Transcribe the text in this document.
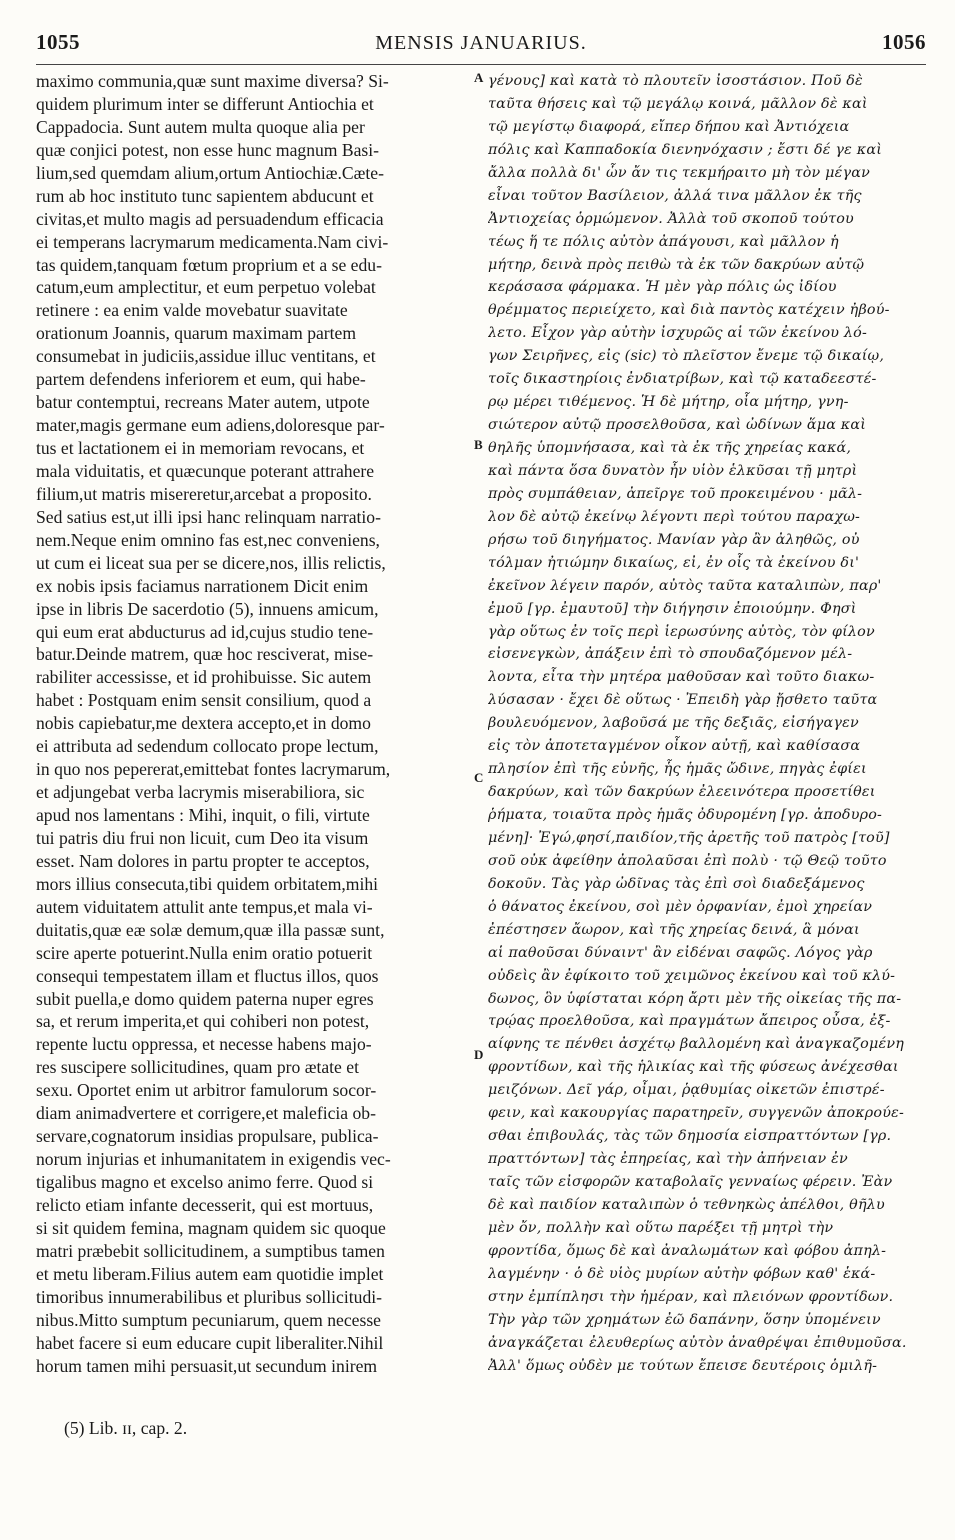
1055	MENSIS JANUARIUS.	1056
maximo communia,quæ sunt maxime diversa? Si-
quidem plurimum inter se differunt Antiochia et
Cappadocia. Sunt autem multa quoque alia per
quæ conjici potest, non esse hunc magnum Basi-
lium,sed quemdam alium,ortum Antiochiæ.Cæte-
rum ab hoc instituto tunc sapientem abducunt et
civitas,et multo magis ad persuadendum efficacia
ei temperans lacrymarum medicamenta.Nam civi-
tas quidem,tanquam fœtum proprium et a se edu-
catum,eum amplectitur, et eum perpetuo volebat
retinere : ea enim valde movebatur suavitate
orationum Joannis, quarum maximam partem
consumebat in judiciis,assidue illuc ventitans, et
partem defendens inferiorem et eum, qui habe-
batur contemptui, recreans Mater autem, utpote
mater,magis germane eum adiens,doloresque par-
tus et lactationem ei in memoriam revocans, et
mala viduitatis, et quæcunque poterant attrahere
filium,ut matris misereretur,arcebat a proposito.
Sed satius est,ut illi ipsi hanc relinquam narratio-
nem.Neque enim omnino fas est,nec conveniens,
ut cum ei liceat sua per se dicere,nos, illis relictis,
ex nobis ipsis faciamus narrationem Dicit enim
ipse in libris De sacerdotio (5), innuens amicum,
qui eum erat abducturus ad id,cujus studio tene-
batur.Deinde matrem, quæ hoc resciverat, mise-
rabiliter accessisse, et id prohibuisse. Sic autem
habet : Postquam enim sensit consilium, quod a
nobis capiebatur,me dextera accepto,et in domo
ei attributa ad sedendum collocato prope lectum,
in quo nos pepererat,emittebat fontes lacrymarum,
et adjungebat verba lacrymis miserabiliora, sic
apud nos lamentans : Mihi, inquit, o fili, virtute
tui patris diu frui non licuit, cum Deo ita visum
esset. Nam dolores in partu propter te acceptos,
mors illius consecuta,tibi quidem orbitatem,mihi
autem viduitatem attulit ante tempus,et mala vi-
duitatis,quæ eæ solæ demum,quæ illa passæ sunt,
scire aperte potuerint.Nulla enim oratio potuerit
consequi tempestatem illam et fluctus illos, quos
subit puella,e domo quidem paterna nuper egres
sa, et rerum imperita,et qui cohiberi non potest,
repente luctu oppressa, et necesse habens majo-
res suscipere sollicitudines, quam pro ætate et
sexu. Oportet enim ut arbitror famulorum socor-
diam animadvertere et corrigere,et maleficia ob-
servare,cognatorum insidias propulsare, publica-
norum injurias et inhumanitatem in exigendis vec-
tigalibus magno et excelso animo ferre. Quod si
relicto etiam infante decesserit, qui est mortuus,
si sit quidem femina, magnam quidem sic quoque
matri præbebit sollicitudinem, a sumptibus tamen
et metu liberam.Filius autem eam quotidie implet
timoribus innumerabilibus et pluribus sollicitudi-
nibus.Mitto sumptum pecuniarum, quem necesse
habet facere si eum educare cupit liberaliter.Nihil
horum tamen mihi persuasit,ut secundum inirem
γένους] καὶ κατὰ τὸ πλουτεῖν ἰσοστάσιον. Ποῦ δὲ
ταῦτα θήσεις καὶ τῷ μεγάλῳ κοινά, μᾶλλον δὲ καὶ
τῷ μεγίστῳ διαφορά, εἴπερ δήπου καὶ Ἀντιόχεια
πόλις καὶ Καππαδοκία διενηνόχασιν ; ἔστι δέ γε καὶ
ἄλλα πολλὰ δι' ὧν ἄν τις τεκμήραιτο μὴ τὸν μέγαν
εἶναι τοῦτον Βασίλειον, ἀλλά τινα μᾶλλον ἐκ τῆς
Ἀντιοχείας ὁρμώμενον. Ἀλλὰ τοῦ σκοποῦ τούτου
τέως ἥ τε πόλις αὐτὸν ἀπάγουσι, καὶ μᾶλλον ἡ
μήτηρ, δεινὰ πρὸς πειθὼ τὰ ἐκ τῶν δακρύων αὐτῷ
κεράσασα φάρμακα. Ἡ μὲν γὰρ πόλις ὡς ἰδίου
θρέμματος περιείχετο, καὶ διὰ παντὸς κατέχειν ἠβού-
λετο. Εἶχον γὰρ αὐτὴν ἰσχυρῶς αἱ τῶν ἐκείνου λό-
γων Σειρῆνες, εἰς (sic) τὸ πλεῖστον ἔνεμε τῷ δικαίῳ,
τοῖς δικαστηρίοις ἐνδιατρίβων, καὶ τῷ καταδεεστέ-
ρῳ μέρει τιθέμενος. Ἡ δὲ μήτηρ, οἷα μήτηρ, γνη-
σιώτερον αὐτῷ προσελθοῦσα, καὶ ὠδίνων ἅμα καὶ
θηλῆς ὑπομνήσασα, καὶ τὰ ἐκ τῆς χηρείας κακά,
καὶ πάντα ὅσα δυνατὸν ἦν υἱὸν ἑλκῦσαι τῇ μητρὶ
πρὸς συμπάθειαν, ἀπεῖργε τοῦ προκειμένου · μᾶλ-
λον δὲ αὐτῷ ἐκείνῳ λέγοντι περὶ τούτου παραχω-
ρήσω τοῦ διηγήματος. Μανίαν γὰρ ἂν ἀληθῶς, οὐ
τόλμαν ἠτιώμην δικαίως, εἰ, ἐν οἷς τὰ ἐκείνου δι'
ἐκεῖνον λέγειν παρόν, αὐτὸς ταῦτα καταλιπὼν, παρ'
ἐμοῦ [γρ. ἐμαυτοῦ] τὴν διήγησιν ἐποιούμην. Φησὶ
γὰρ οὕτως ἐν τοῖς περὶ ἱερωσύνης αὐτὸς, τὸν φίλον
εἰσενεγκὼν, ἀπάξειν ἐπὶ τὸ σπουδαζόμενον μέλ-
λοντα, εἶτα τὴν μητέρα μαθοῦσαν καὶ τοῦτο διακω-
λύσασαν · ἔχει δὲ οὕτως · Ἐπειδὴ γὰρ ᾔσθετο ταῦτα
βουλευόμενον, λαβοῦσά με τῆς δεξιᾶς, εἰσήγαγεν
εἰς τὸν ἀποτεταγμένον οἶκον αὐτῇ, καὶ καθίσασα
πλησίον ἐπὶ τῆς εὐνῆς, ἧς ἡμᾶς ὤδινε, πηγὰς ἐφίει
δακρύων, καὶ τῶν δακρύων ἐλεεινότερα προσετίθει
ῥήματα, τοιαῦτα πρὸς ἡμᾶς ὀδυρομένη [γρ. ἀποδυρο-
μένη]· Ἐγώ,φησί,παιδίον,τῆς ἀρετῆς τοῦ πατρὸς [τοῦ]
σοῦ οὐκ ἀφείθην ἀπολαῦσαι ἐπὶ πολὺ · τῷ Θεῷ τοῦτο
δοκοῦν. Τὰς γὰρ ὠδῖνας τὰς ἐπὶ σοὶ διαδεξάμενος
ὁ θάνατος ἐκείνου, σοὶ μὲν ὀρφανίαν, ἐμοὶ χηρείαν
ἐπέστησεν ἄωρον, καὶ τῆς χηρείας δεινά, ἃ μόναι
αἱ παθοῦσαι δύναιντ' ἂν εἰδέναι σαφῶς. Λόγος γὰρ
οὐδεὶς ἂν ἐφίκοιτο τοῦ χειμῶνος ἐκείνου καὶ τοῦ κλύ-
δωνος, ὃν ὑφίσταται κόρη ἄρτι μὲν τῆς οἰκείας τῆς πα-
τρῴας προελθοῦσα, καὶ πραγμάτων ἄπειρος οὖσα, ἐξ-
αίφνης τε πένθει ἀσχέτῳ βαλλομένη καὶ ἀναγκαζομένη
φροντίδων, καὶ τῆς ἡλικίας καὶ τῆς φύσεως ἀνέχεσθαι
μειζόνων. Δεῖ γάρ, οἶμαι, ῥᾳθυμίας οἰκετῶν ἐπιστρέ-
φειν, καὶ κακουργίας παρατηρεῖν, συγγενῶν ἀποκρούε-
σθαι ἐπιβουλάς, τὰς τῶν δημοσία εἰσπραττόντων [γρ.
πραττόντων] τὰς ἐπηρείας, καὶ τὴν ἀπήνειαν ἐν
ταῖς τῶν εἰσφορῶν καταβολαῖς γενναίως φέρειν. Ἐὰν
δὲ καὶ παιδίον καταλιπὼν ὁ τεθνηκὼς ἀπέλθοι, θῆλυ
μὲν ὄν, πολλὴν καὶ οὕτω παρέξει τῇ μητρὶ τὴν
φροντίδα, ὅμως δὲ καὶ ἀναλωμάτων καὶ φόβου ἀπηλ-
λαγμένην · ὁ δὲ υἱὸς μυρίων αὐτὴν φόβων καθ' ἑκά-
στην ἐμπίπλησι τὴν ἡμέραν, καὶ πλειόνων φροντίδων.
Τὴν γὰρ τῶν χρημάτων ἐῶ δαπάνην, ὅσην ὑπομένειν
ἀναγκάζεται ἐλευθερίως αὐτὸν ἀναθρέψαι ἐπιθυμοῦσα.
Ἀλλ' ὅμως οὐδὲν με τούτων ἔπεισε δευτέροις ὁμιλῆ-
A
B
C
D
(5) Lib. ɪɪ, cap. 2.
